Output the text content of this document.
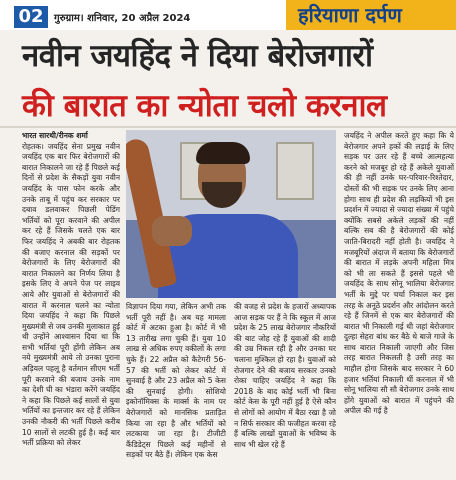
02	गुरुग्राम। शनिवार, 20 अप्रैल 2024	हरियाणा दर्पण
नवीन जयहिंद ने दिया बेरोजगारों
की बारात का न्योता चलो करनाल
भारत सारथी/रीनक शर्मा
रोहतक। जयहिंद सेना प्रमुख नवीन जयहिंद एक बार फिर बेरोजगारों की बारात निकालने जा रहे हैं पिछले कई दिनों से प्रदेश के सैकड़ों युवा नवीन जयहिंद के पास फोन करके और उनके ताबू में पहुंच कर सरकार पर दबाव डलवाकर पिछली पेडिंग भर्तियों को पूरा करवाने की अपील कर रहे हैं जिसके चलते एक बार फिर जयहिंद ने अबकी बार रोहतक की बजाए करनाल की सड़कों पर बेरोजगारों के लिए बेरोजगारों की बारात निकालने का निर्णय लिया है इसके लिए वे अपने पेज पर लाइव आये और युवाओं से बेरोजगारों की बारात में करनाल चलने का न्योता दिया जयहिंद ने कहा कि पिछले मुख्यमंत्री से जब उनकी मुलाकात हुई थी उन्होंने आश्वासन दिया था कि सभी भर्तियां पूरी होंगी लेकिन अब नये मुख्यमंत्री आये तो उनका पुराना अड़ियल पहलू है वर्तमान सीएम भर्ती पूरी करवाने की बजाय उनके नाम का देशी घी का भंडारा करेंगे जयहिंद ने कहा कि पिछले कई सालों से युवा भर्तियों का इन्तजार कर रहे हैं लेकिन उनकी नौकरी की भर्ती पिछले करीब 10 सालों से लटकी हुई है। कई बार भर्ती प्रक्रिया को लेकर
विज्ञापन दिया गया, लेकिन अभी तक भर्ती पूरी नहीं है। अब यह मामला कोर्ट में अटका हुआ है। कोर्ट में भी 13 तारीख लगा चुकी हैं। युवा 10 लाख से अधिक रुपए वकीलों के लगा चुके हैं। 22 अप्रैल को कैटेगरी 56-57 की भर्ती को लेकर कोर्ट में सुनवाई है और 23 अप्रैल को 5 केस की सुनवाई होगी। सोशियो इकोनॉमिक्स के मार्क्स के नाम पर बेरोजगारों को मानसिक प्रताड़ित किया जा रहा है और भर्तियों को लटकाया जा रहा है। टीजीटी कैंडिडेट्स पिछले कई महीनों से सड़कों पर बैठे हैं। लेकिन एक केस
की वजह से प्रदेश के हजारों अध्यापक आज सड़क पर हैं ने कि स्कूल में आज प्रदेश के 25 लाख बेरोजगार नौकरियों की बाट जोह रहे हैं युवाओं की शादी की उम्र निकल रही है और उनका घर चलाना मुश्किल हो रहा है। युवाओं को रोजगार देने की बजाय सरकार उनको रोका चाहिए जयहिंद ने कहा कि 2018 के बाद कोई भर्ती भी बिना कोर्ट केस के पूरी नहीं हुई है ऐसे कौन से लोगों को आयोग में बैठा रखा है जो न सिर्फ सरकार की फजीहत करवा रहे हैं बल्कि लाखों युवाओं के भविष्य के साथ भी खेल रहे हैं
जयहिंद ने अपील करते हुए कहा कि ये बेरोजगार अपने हकों की लड़ाई के लिए सड़क पर उतर रहे हैं बच्चे आत्महत्या करने को मजबूर हो रहे हैं अकेले युवाओं की ही नहीं उनके घर-परिवार-रिश्तेदार, दोस्तों की भी सड़क पर उनके लिए आना होगा साथ ही प्रदेश की लड़कियों भी इस प्रदर्शन में ज्यादा से ज्यादा संख्या में पहुंचे क्योंकि सबसे अकेले लड़कों की नहीं बल्कि सब की है बेरोजगारों की कोई जाति-बिरादरी नहीं होती है। जयहिंद ने मजबूरियों अंदाज में बताया कि बेरोजगारों की बारात में लड़के अपनी महिला मित्र को भी ला सकते हैं इससे पहले भी जयहिंद के साथ सोनू भालिया बेरोजगार भर्ती के मुद्दे पर चर्चा निकाल कर इस तरह के अनूठे प्रदर्शन और आंदोलन करते रहे हैं जिनमें से एक बार बेरोजगारों की बारात भी निकाली गई थी जहां बेरोजगार दुल्हा सेहरा बांध कर बैठे थे बाजे गाजे के साथ बारात निकाली जाएगी और जिस तरह बारात निकलती है उसी तरह का माहौल होगा जिसके बाद सरकार ने 60 हजार भर्तियां निकाली थीं करनाल में भी सोनू भालिया सौ सौ बेरोजगार उनके साथ होंगे युवाओं को बारात में पहुंचने की अपील की गई है
